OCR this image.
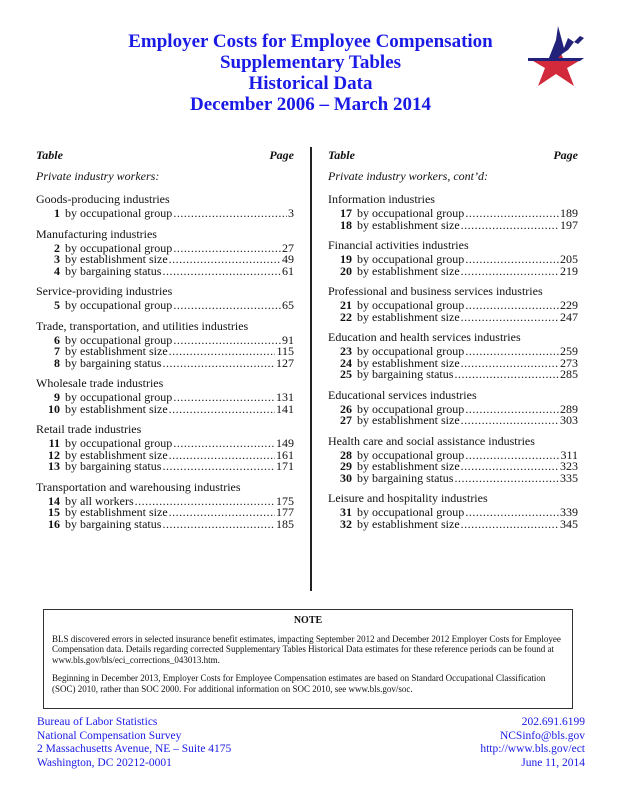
Employer Costs for Employee Compensation
Supplementary Tables
Historical Data
December 2006 – March 2014
Table	Page
Private industry workers:
Goods-producing industries
1 by occupational group .....	3
Manufacturing industries
2 by occupational group .....	27
3 by establishment size .....	49
4 by bargaining status .....	61
Service-providing industries
5 by occupational group .....	65
Trade, transportation, and utilities industries
6 by occupational group .....	91
7 by establishment size .....	115
8 by bargaining status .....	127
Wholesale trade industries
9 by occupational group .....	131
10 by establishment size .....	141
Retail trade industries
11 by occupational group .....	149
12 by establishment size .....	161
13 by bargaining status .....	171
Transportation and warehousing industries
14 by all workers .....	175
15 by establishment size .....	177
16 by bargaining status .....	185
Table	Page
Private industry workers, cont’d:
Information industries
17 by occupational group .....	189
18 by establishment size .....	197
Financial activities industries
19 by occupational group .....	205
20 by establishment size .....	219
Professional and business services industries
21 by occupational group .....	229
22 by establishment size .....	247
Education and health services industries
23 by occupational group .....	259
24 by establishment size .....	273
25 by bargaining status .....	285
Educational services industries
26 by occupational group .....	289
27 by establishment size .....	303
Health care and social assistance industries
28 by occupational group .....	311
29 by establishment size .....	323
30 by bargaining status .....	335
Leisure and hospitality industries
31 by occupational group .....	339
32 by establishment size .....	345
NOTE

BLS discovered errors in selected insurance benefit estimates, impacting September 2012 and December 2012 Employer Costs for Employee Compensation data. Details regarding corrected Supplementary Tables Historical Data estimates for these reference periods can be found at www.bls.gov/bls/eci_corrections_043013.htm.

Beginning in December 2013, Employer Costs for Employee Compensation estimates are based on Standard Occupational Classification (SOC) 2010, rather than SOC 2000. For additional information on SOC 2010, see www.bls.gov/soc.

Bureau of Labor Statistics
National Compensation Survey
2 Massachusetts Avenue, NE – Suite 4175
Washington, DC 20212-0001
202.691.6199
NCSinfo@bls.gov
http://www.bls.gov/ect
June 11, 2014
